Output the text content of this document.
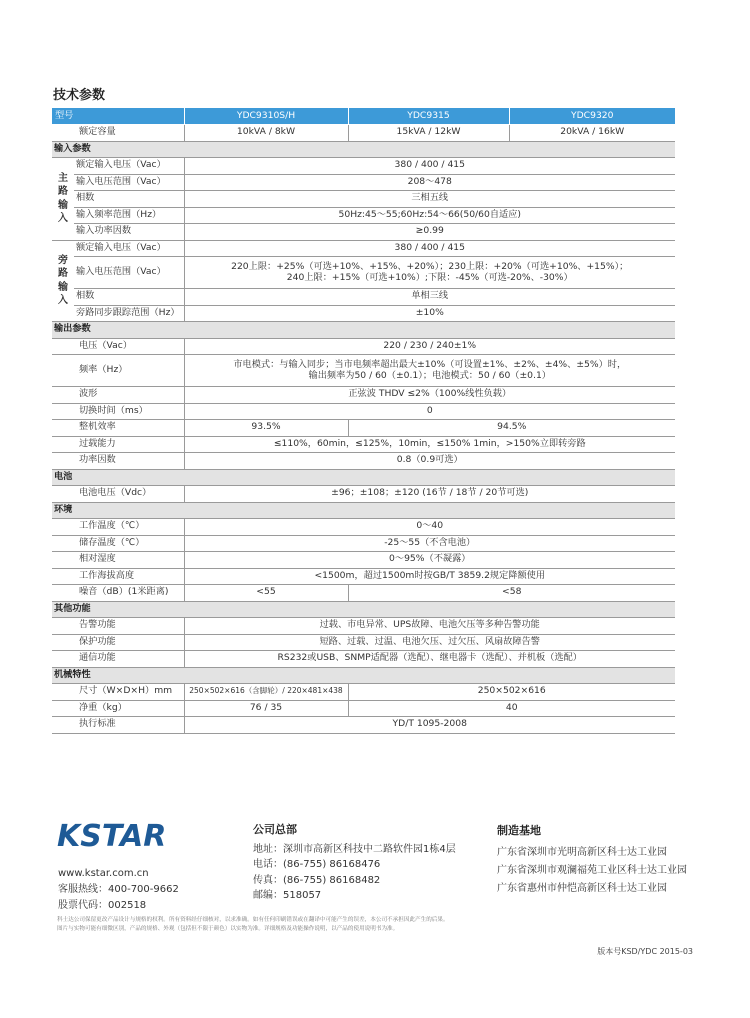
技术参数
型号		YDC9310S/H	YDC9315	YDC9320
额定容量		10kVA / 8kW	15kVA / 12kW	20kVA / 16kW
输入参数				
主路输入	额定输入电压（Vac）	380 / 400 / 415		
	输入电压范围（Vac）	208～478		
	相数	三相五线		
	输入频率范围（Hz）	50Hz:45～55;60Hz:54～66(50/60自适应)		
	输入功率因数	≥0.99		
旁路输入	额定输入电压（Vac）	380 / 400 / 415		
	输入电压范围（Vac）	220上限：+25%（可选+10%、+15%、+20%）；230上限：+20%（可选+10%、+15%）；
240上限：+15%（可选+10%）;下限：-45%（可选-20%、-30%）		

	相数	单相三线		
	旁路同步跟踪范围（Hz）	±10%		
输出参数				
电压（Vac）		220 / 230 / 240±1%		
频率（Hz）		市电模式：与输入同步；当市电频率超出最大±10%（可设置±1%、±2%、±4%、±5%）时，
输出频率为50 / 60（±0.1）；电池模式：50 / 60（±0.1）		

波形		正弦波 THDV ≤2%（100%线性负载）		
切换时间（ms）		0		
整机效率		93.5%	94.5%	
过载能力		≤110%，60min，≤125%，10min，≤150% 1min，>150%立即转旁路		
功率因数		0.8（0.9可选）		
电池				
电池电压（Vdc）		±96；±108；±120 (16节 / 18节 / 20节可选)		
环境				
工作温度（℃）		0～40		
储存温度（℃）		-25～55（不含电池）		
相对湿度		0～95%（不凝露）		
工作海拔高度		<1500m，超过1500m时按GB/T 3859.2规定降额使用		
噪音（dB）(1米距离)		<55	<58	
其他功能				
告警功能		过载、市电异常、UPS故障、电池欠压等多种告警功能		
保护功能		短路、过载、过温、电池欠压、过欠压、风扇故障告警		
通信功能		RS232或USB、SNMP适配器（选配）、继电器卡（选配）、并机板（选配）		
机械特性				
尺寸（W×D×H）mm		250×502×616（含脚轮）/ 220×481×438	250×502×616	
净重（kg）		76 / 35	40	
执行标准		YD/T 1095-2008		
KSTAR
www.kstar.com.cn
客服热线：400-700-9662
股票代码：002518
公司总部
地址：深圳市高新区科技中二路软件园1栋4层
电话：(86-755) 86168476
传真：(86-755) 86168482
邮编：518057
制造基地
广东省深圳市光明高新区科士达工业园
广东省深圳市观澜福苑工业区科士达工业园
广东省惠州市仲恺高新区科士达工业园
科士达公司保留更改产品设计与规格的权利。所有资料经仔细核对，以求准确。如有任何印刷错误或在翻译中可能产生的误差，本公司不承担因此产生的后果。
图片与实物可能有细微区别，产品的规格、外观（包括但不限于颜色）以实物为准。详细规格及功能操作说明，以产品的使用说明书为准。
版本号KSD/YDC 2015-03
